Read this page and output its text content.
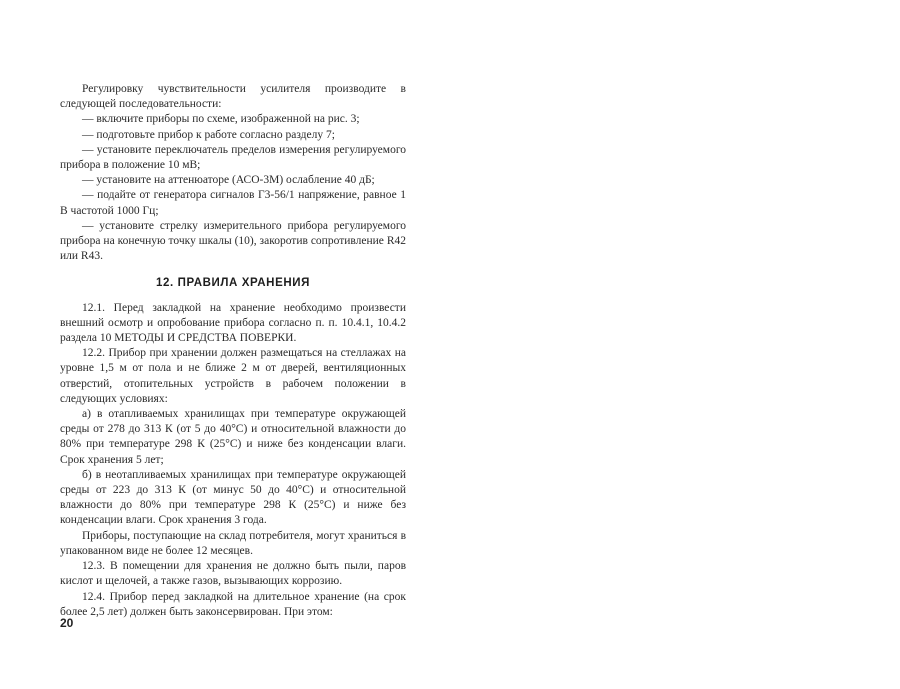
Регулировку чувствительности усилителя производите в следующей последовательности:

— включите приборы по схеме, изображенной на рис. 3;

— подготовьте прибор к работе согласно разделу 7;

— установите переключатель пределов измерения регулируемого прибора в положение 10 мВ;

— установите на аттенюаторе (АСО-3М) ослабление 40 дБ;

— подайте от генератора сигналов Г3-56/1 напряжение, равное 1 В частотой 1000 Гц;

— установите стрелку измерительного прибора регулируемого прибора на конечную точку шкалы (10), закоротив сопротивление R42 или R43.

12. ПРАВИЛА ХРАНЕНИЯ

12.1. Перед закладкой на хранение необходимо произвести внешний осмотр и опробование прибора согласно п. п. 10.4.1, 10.4.2 раздела 10 МЕТОДЫ И СРЕДСТВА ПОВЕРКИ.

12.2. Прибор при хранении должен размещаться на стеллажах на уровне 1,5 м от пола и не ближе 2 м от дверей, вентиляционных отверстий, отопительных устройств в рабочем положении в следующих условиях:

а) в отапливаемых хранилищах при температуре окружающей среды от 278 до 313 К (от 5 до 40°С) и относительной влажности до 80% при температуре 298 К (25°С) и ниже без конденсации влаги. Срок хранения 5 лет;

б) в неотапливаемых хранилищах при температуре окружающей среды от 223 до 313 К (от минус 50 до 40°С) и относительной влажности до 80% при температуре 298 К (25°С) и ниже без конденсации влаги. Срок хранения 3 года.

Приборы, поступающие на склад потребителя, могут храниться в упакованном виде не более 12 месяцев.

12.3. В помещении для хранения не должно быть пыли, паров кислот и щелочей, а также газов, вызывающих коррозию.

12.4. Прибор перед закладкой на длительное хранение (на срок более 2,5 лет) должен быть законсервирован. При этом:

20
